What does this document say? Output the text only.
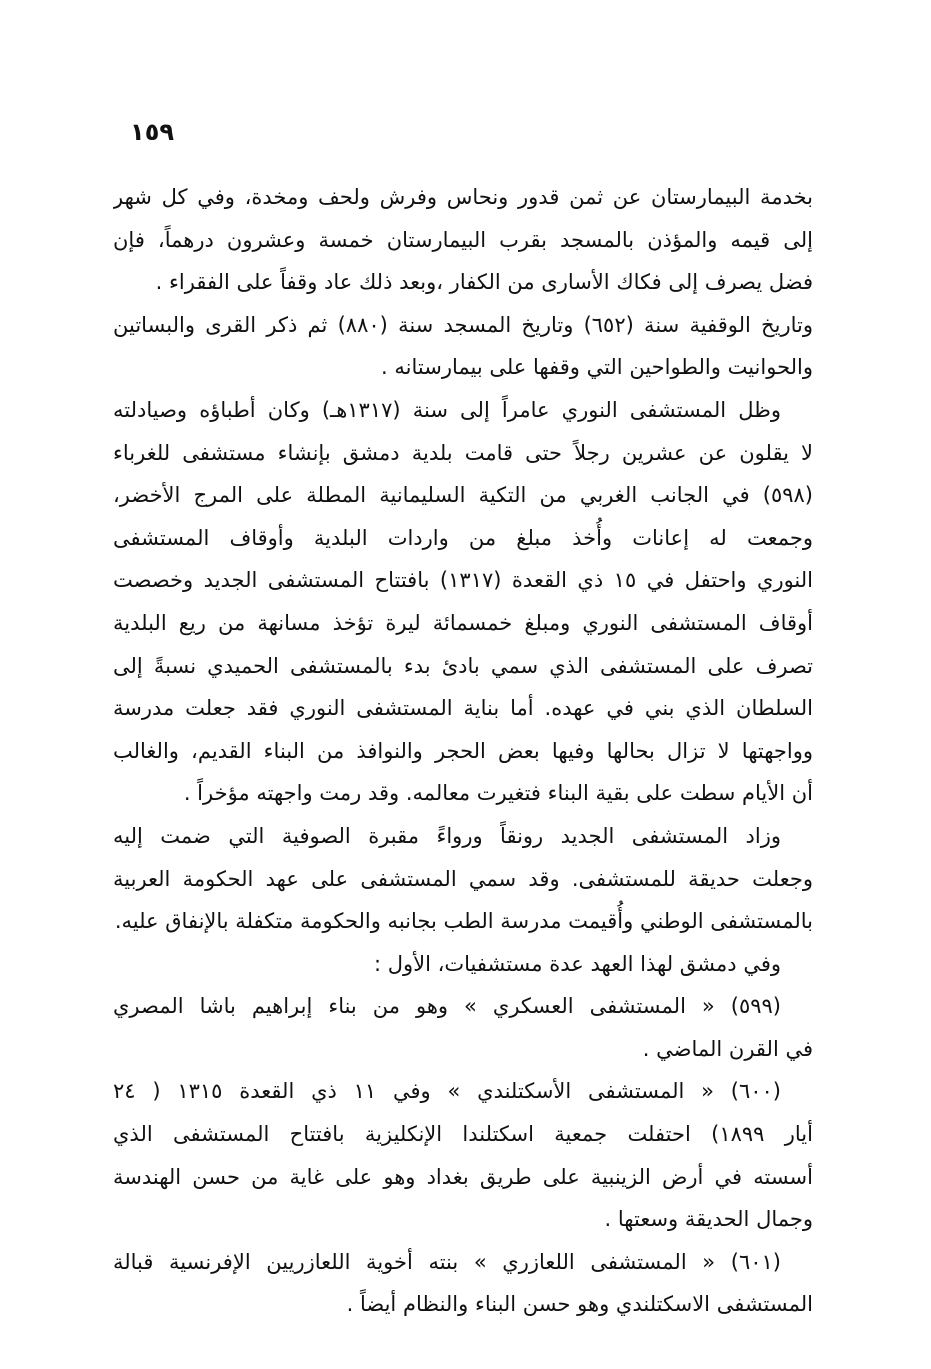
١٥٩
بخدمة البيمارستان عن ثمن قدور ونحاس وفرش ولحف ومخدة، وفي كل شهر
إلى قيمه والمؤذن بالمسجد بقرب البيمارستان خمسة وعشرون درهماً، فإن
فضل يصرف إلى فكاك الأسارى من الكفار ،وبعد ذلك عاد وقفاً على الفقراء .
وتاريخ الوقفية سنة (٦٥٢) وتاريخ المسجد سنة (٨٨٠) ثم ذكر القرى والبساتين
والحوانيت والطواحين التي وقفها على بيمارستانه .
وظل المستشفى النوري عامراً إلى سنة (١٣١٧هـ) وكان أطباؤه وصيادلته
لا يقلون عن عشرين رجلاً حتى قامت بلدية دمشق بإنشاء مستشفى للغرباء
(٥٩٨) في الجانب الغربي من التكية السليمانية المطلة على المرج الأخضر،
وجمعت له إعانات وأُخذ مبلغ من واردات البلدية وأوقاف المستشفى
النوري واحتفل في ١٥ ذي القعدة (١٣١٧) بافتتاح المستشفى الجديد وخصصت
أوقاف المستشفى النوري ومبلغ خمسمائة ليرة تؤخذ مسانهة من ريع البلدية
تصرف على المستشفى الذي سمي بادئ بدء بالمستشفى الحميدي نسبةً إلى
السلطان الذي بني في عهده. أما بناية المستشفى النوري فقد جعلت مدرسة
وواجهتها لا تزال بحالها وفيها بعض الحجر والنوافذ من البناء القديم، والغالب
أن الأيام سطت على بقية البناء فتغيرت معالمه. وقد رمت واجهته مؤخراً .
وزاد المستشفى الجديد رونقاً ورواءً مقبرة الصوفية التي ضمت إليه
وجعلت حديقة للمستشفى. وقد سمي المستشفى على عهد الحكومة العربية
بالمستشفى الوطني وأُقيمت مدرسة الطب بجانبه والحكومة متكفلة بالإنفاق عليه.
وفي دمشق لهذا العهد عدة مستشفيات، الأول :
(٥٩٩) « المستشفى العسكري » وهو من بناء إبراهيم باشا المصري
في القرن الماضي .
(٦٠٠) « المستشفى الأسكتلندي » وفي ١١ ذي القعدة ١٣١٥ ( ٢٤
أيار ١٨٩٩) احتفلت جمعية اسكتلندا الإنكليزية بافتتاح المستشفى الذي
أسسته في أرض الزينبية على طريق بغداد وهو على غاية من حسن الهندسة
وجمال الحديقة وسعتها .
(٦٠١) « المستشفى اللعازري » بنته أخوية اللعازريين الإفرنسية قبالة
المستشفى الاسكتلندي وهو حسن البناء والنظام أيضاً .
